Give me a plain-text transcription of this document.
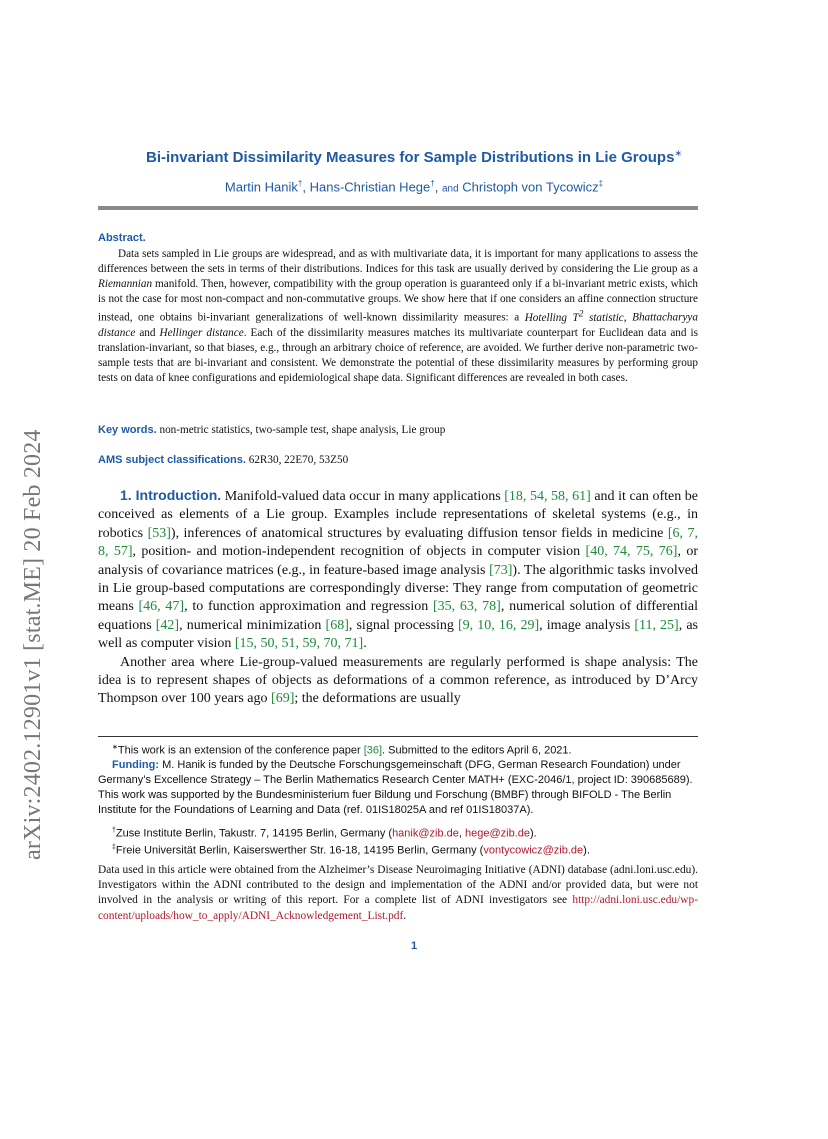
arXiv:2402.12901v1 [stat.ME] 20 Feb 2024
Bi-invariant Dissimilarity Measures for Sample Distributions in Lie Groups∗
Martin Hanik†, Hans-Christian Hege†, and Christoph von Tycowicz‡
Abstract.
Data sets sampled in Lie groups are widespread, and as with multivariate data, it is important for many applications to assess the differences between the sets in terms of their distributions. Indices for this task are usually derived by considering the Lie group as a Riemannian manifold. Then, however, compatibility with the group operation is guaranteed only if a bi-invariant metric exists, which is not the case for most non-compact and non-commutative groups. We show here that if one considers an affine connection structure instead, one obtains bi-invariant generalizations of well-known dissimilarity measures: a Hotelling $T^2$ statistic, Bhattacharyya distance and Hellinger distance. Each of the dissimilarity measures matches its multivariate counterpart for Euclidean data and is translation-invariant, so that biases, e.g., through an arbitrary choice of reference, are avoided. We further derive non-parametric two-sample tests that are bi-invariant and consistent. We demonstrate the potential of these dissimilarity measures by performing group tests on data of knee configurations and epidemiological shape data. Significant differences are revealed in both cases.
Key words. non-metric statistics, two-sample test, shape analysis, Lie group
AMS subject classifications. 62R30, 22E70, 53Z50

1. Introduction. Manifold-valued data occur in many applications [18, 54, 58, 61] and it can often be conceived as elements of a Lie group. Examples include representations of skeletal systems (e.g., in robotics [53]), inferences of anatomical structures by evaluating diffusion tensor fields in medicine [6, 7, 8, 57], position- and motion-independent recognition of objects in computer vision [40, 74, 75, 76], or analysis of covariance matrices (e.g., in feature-based image analysis [73]). The algorithmic tasks involved in Lie group-based computations are correspondingly diverse: They range from computation of geometric means [46, 47], to function approximation and regression [35, 63, 78], numerical solution of differential equations [42], numerical minimization [68], signal processing [9, 10, 16, 29], image analysis [11, 25], as well as computer vision [15, 50, 51, 59, 70, 71].

Another area where Lie-group-valued measurements are regularly performed is shape analysis: The idea is to represent shapes of objects as deformations of a common reference, as introduced by D’Arcy Thompson over 100 years ago [69]; the deformations are usually

∗This work is an extension of the conference paper [36]. Submitted to the editors April 6, 2021.

Funding: M. Hanik is funded by the Deutsche Forschungsgemeinschaft (DFG, German Research Foundation) under Germany’s Excellence Strategy – The Berlin Mathematics Research Center MATH+ (EXC-2046/1, project ID: 390685689). This work was supported by the Bundesministerium fuer Bildung und Forschung (BMBF) through BIFOLD - The Berlin Institute for the Foundations of Learning and Data (ref. 01IS18025A and ref 01IS18037A).

†Zuse Institute Berlin, Takustr. 7, 14195 Berlin, Germany (hanik@zib.de, hege@zib.de).

‡Freie Universität Berlin, Kaiserswerther Str. 16-18, 14195 Berlin, Germany (vontycowicz@zib.de).

Data used in this article were obtained from the Alzheimer’s Disease Neuroimaging Initiative (ADNI) database (adni.loni.usc.edu). Investigators within the ADNI contributed to the design and implementation of the ADNI and/or provided data, but were not involved in the analysis or writing of this report. For a complete list of ADNI investigators see http://adni.loni.usc.edu/wp-content/uploads/how_to_apply/ADNI_Acknowledgement_List.pdf.
1
